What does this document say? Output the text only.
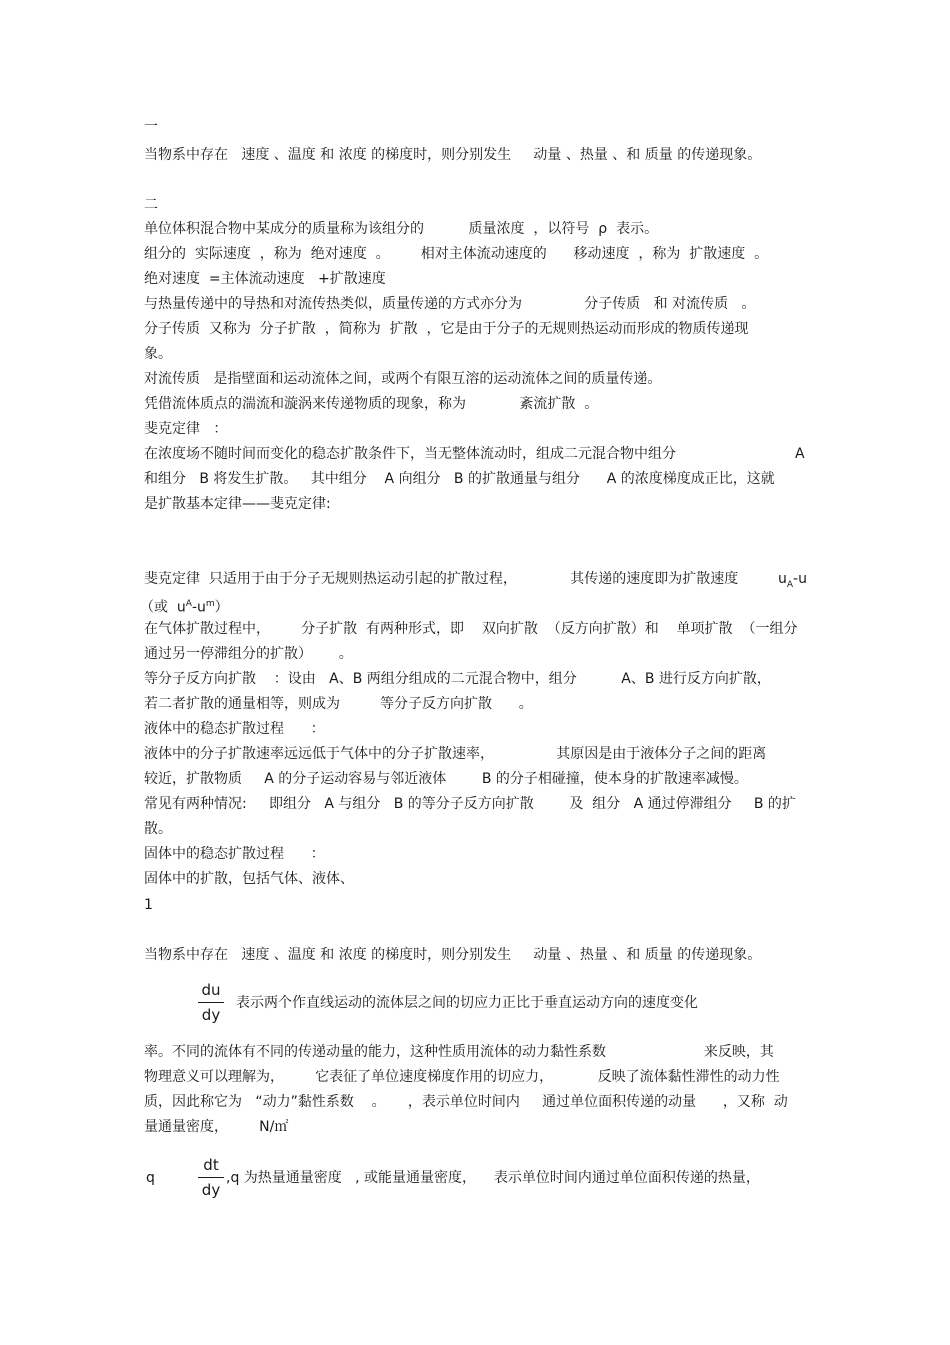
一
当物系中存在   速度 、温度 和 浓度 的梯度时，则分别发生     动量 、热量 、和 质量 的传递现象。
二
单位体积混合物中某成分的质量称为该组分的          质量浓度  ，以符号  ρ  表示。
组分的  实际速度  ，称为  绝对速度  。       相对主体流动速度的      移动速度  ，称为  扩散速度  。
绝对速度  =主体流动速度   +扩散速度
与热量传递中的导热和对流传热类似，质量传递的方式亦分为              分子传质   和 对流传质   。
分子传质  又称为  分子扩散  ，简称为  扩散  ，它是由于分子的无规则热运动而形成的物质传递现
象。
对流传质   是指壁面和运动流体之间，或两个有限互溶的运动流体之间的质量传递。
凭借流体质点的湍流和漩涡来传递物质的现象，称为            紊流扩散  。
斐克定律   ：
在浓度场不随时间而变化的稳态扩散条件下，当无整体流动时，组成二元混合物中组分	A
和组分   B 将发生扩散。   其中组分    A 向组分   B 的扩散通量与组分      A 的浓度梯度成正比，这就
是扩散基本定律——斐克定律:
斐克定律  只适用于由于分子无规则热运动引起的扩散过程，            其传递的速度即为扩散速度	$u_A-u$
（或  $u^A-u^m$）
在气体扩散过程中，       分子扩散  有两种形式，即    双向扩散  （反方向扩散）和    单项扩散  （一组分
通过另一停滞组分的扩散）      。
等分子反方向扩散    ：设由   A、B 两组分组成的二元混合物中，组分          A、B 进行反方向扩散，
若二者扩散的通量相等，则成为         等分子反方向扩散      。
液体中的稳态扩散过程      ：
液体中的分子扩散速率远远低于气体中的分子扩散速率，              其原因是由于液体分子之间的距离
较近，扩散物质     A 的分子运动容易与邻近液体        B 的分子相碰撞，使本身的扩散速率减慢。
常见有两种情况:     即组分   A 与组分   B 的等分子反方向扩散        及  组分   A 通过停滞组分     B 的扩
散。
固体中的稳态扩散过程      ：
固体中的扩散，包括气体、液体、
1
当物系中存在   速度 、温度 和 浓度 的梯度时，则分别发生     动量 、热量 、和 质量 的传递现象。
du
dy
表示两个作直线运动的流体层之间的切应力正比于垂直运动方向的速度变化
率。不同的流体有不同的传递动量的能力，这种性质用流体的动力黏性系数                      来反映，其
物理意义可以理解为，       它表征了单位速度梯度作用的切应力，          反映了流体黏性滞性的动力性
质，因此称它为   “动力”黏性系数    。     ，表示单位时间内     通过单位面积传递的动量      ，又称  动
量通量密度，       N/㎡
q
dt
dy
,q 为热量通量密度   , 或能量通量密度，    表示单位时间内通过单位面积传递的热量，
